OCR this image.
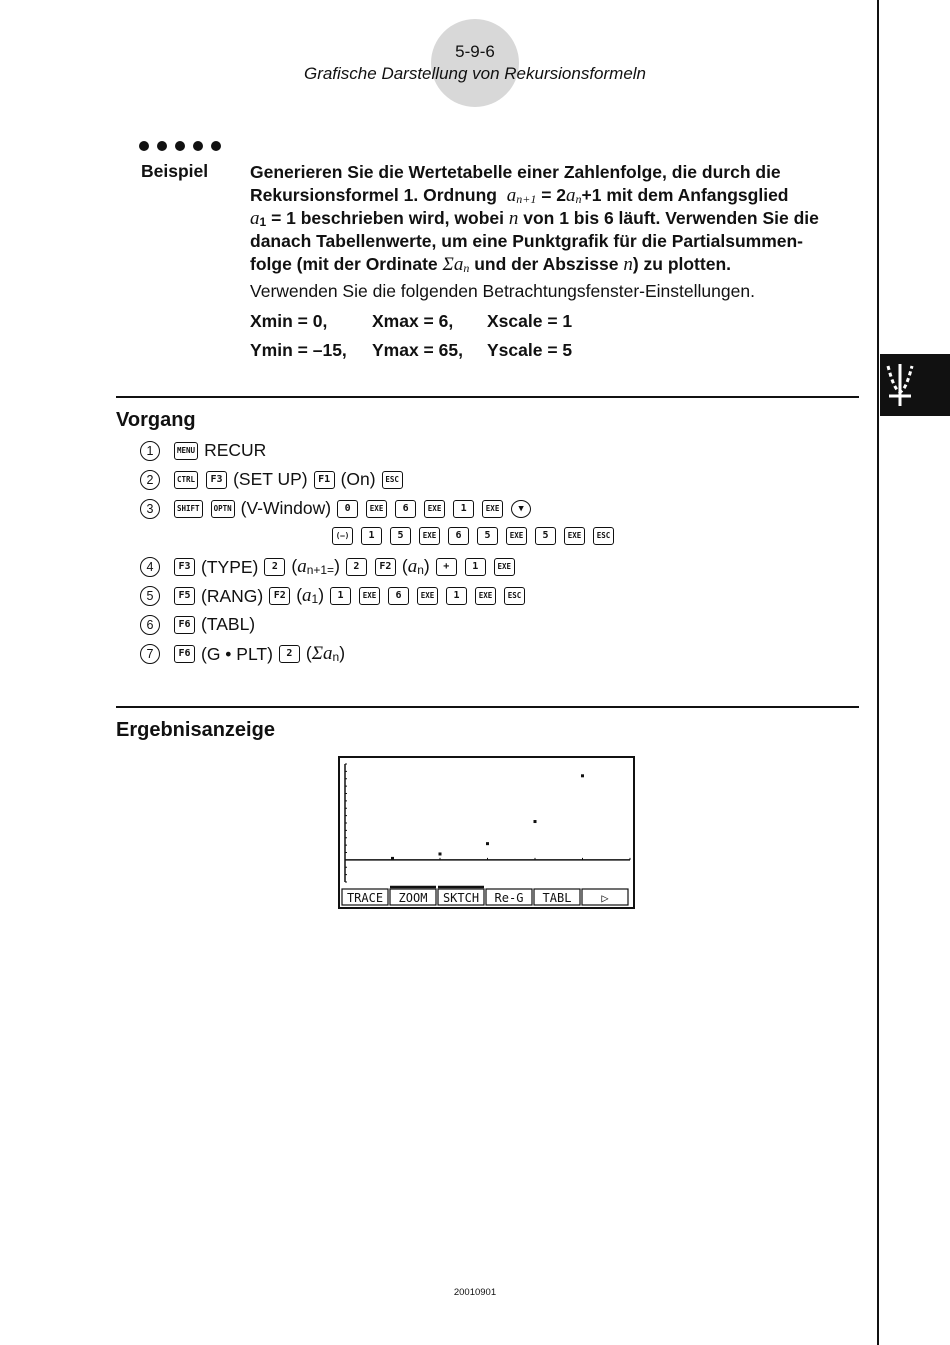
5-9-6
Grafische Darstellung von Rekursionsformeln
Beispiel Generieren Sie die Wertetabelle einer Zahlenfolge, die durch die
Rekursionsformel 1. Ordnung $a_{n+1} = 2a_n+1$ mit dem Anfangsglied
$a_1 = 1$ beschrieben wird, wobei n von 1 bis 6 läuft. Verwenden Sie die
danach Tabellenwerte, um eine Punktgrafik für die Partialsummen-
folge (mit der Ordinate $\Sigma a_n$ und der Abszisse n) zu plotten.
Verwenden Sie die folgenden Betrachtungsfenster-Einstellungen.
Xmin = 0,	Xmax = 6, Xscale = 1
Ymin = –15, Ymax = 65, Yscale = 5
Vorgang
1	MENU RECUR
2	CTRL	F3 (SET UP)	F1 (On)	ESC
3	SHIFT	OPTN (V-Window)	0	EXE	6	EXE	1	EXE	▼
(–)	1	5	EXE	6	5	EXE	5	EXE	ESC
4	F3 (TYPE)	2 $(a_{n+1=})$	2	F2 $(a_n)$	+	1	EXE
5	F5 (RANG)	F2 $(a_1)$	1	EXE	6	EXE	1	EXE	ESC
6	F6 (TABL)
7	F6 (G • PLT)	2 $(\Sigma a_n)$
Ergebnisanzeige
TRACE ZOOM SKTCH Re-G TABL ▷
20010901
